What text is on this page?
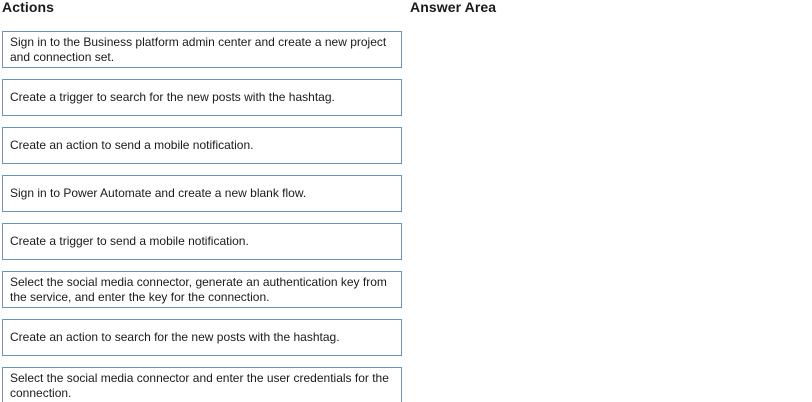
Actions	Answer Area
Sign in to the Business platform admin center and create a new project and connection set.
Create a trigger to search for the new posts with the hashtag.
Create an action to send a mobile notification.
Sign in to Power Automate and create a new blank flow.
Create a trigger to send a mobile notification.
Select the social media connector, generate an authentication key from the service, and enter the key for the connection.
Create an action to search for the new posts with the hashtag.
Select the social media connector and enter the user credentials for the connection.
